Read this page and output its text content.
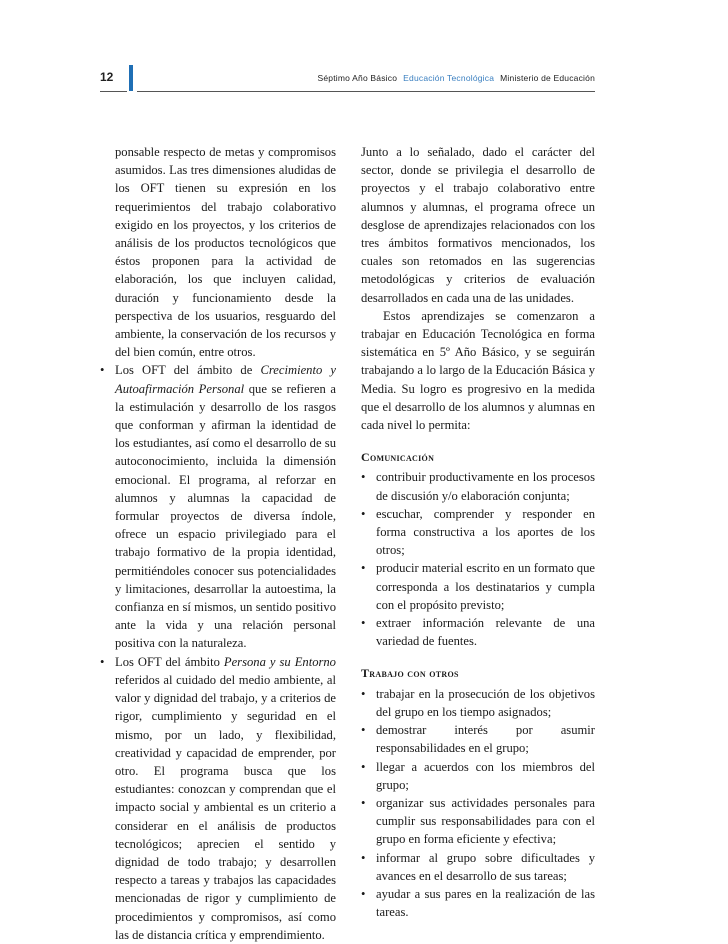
12	Séptimo Año Básico Educación Tecnológica Ministerio de Educación

ponsable respecto de metas y compromisos asumidos. Las tres dimensiones aludidas de los OFT tienen su expresión en los requerimientos del trabajo colaborativo exigido en los proyectos, y los criterios de análisis de los productos tecnológicos que éstos proponen para la actividad de elaboración, los que incluyen calidad, duración y funcionamiento desde la perspectiva de los usuarios, resguardo del ambiente, la conservación de los recursos y del bien común, entre otros.

• Los OFT del ámbito de Crecimiento y Autoafirmación Personal que se refieren a la estimulación y desarrollo de los rasgos que conforman y afirman la identidad de los estudiantes, así como el desarrollo de su autoconocimiento, incluida la dimensión emocional. El programa, al reforzar en alumnos y alumnas la capacidad de formular proyectos de diversa índole, ofrece un espacio privilegiado para el trabajo formativo de la propia identidad, permitiéndoles conocer sus potencialidades y limitaciones, desarrollar la autoestima, la confianza en sí mismos, un sentido positivo ante la vida y una relación personal positiva con la naturaleza.
• Los OFT del ámbito Persona y su Entorno referidos al cuidado del medio ambiente, al valor y dignidad del trabajo, y a criterios de rigor, cumplimiento y seguridad en el mismo, por un lado, y flexibilidad, creatividad y capacidad de emprender, por otro. El programa busca que los estudiantes: conozcan y comprendan que el impacto social y ambiental es un criterio a considerar en el análisis de productos tecnológicos; aprecien el sentido y dignidad de todo trabajo; y desarrollen respecto a tareas y trabajos las capacidades mencionadas de rigor y cumplimiento de procedimientos y compromisos, así como las de distancia crítica y emprendimiento.

Junto a lo señalado, dado el carácter del sector, donde se privilegia el desarrollo de proyectos y el trabajo colaborativo entre alumnos y alumnas, el programa ofrece un desglose de aprendizajes relacionados con los tres ámbitos formativos mencionados, los cuales son retomados en las sugerencias metodológicas y criterios de evaluación desarrollados en cada una de las unidades.

Estos aprendizajes se comenzaron a trabajar en Educación Tecnológica en forma sistemática en 5º Año Básico, y se seguirán trabajando a lo largo de la Educación Básica y Media. Su logro es progresivo en la medida que el desarrollo de los alumnos y alumnas en cada nivel lo permita:

Comunicación
• contribuir productivamente en los procesos de discusión y/o elaboración conjunta;
• escuchar, comprender y responder en forma constructiva a los aportes de los otros;
• producir material escrito en un formato que corresponda a los destinatarios y cumpla con el propósito previsto;
• extraer información relevante de una variedad de fuentes.
Trabajo con otros
• trabajar en la prosecución de los objetivos del grupo en los tiempo asignados;
• demostrar interés por asumir responsabilidades en el grupo;
• llegar a acuerdos con los miembros del grupo;
• organizar sus actividades personales para cumplir sus responsabilidades para con el grupo en forma eficiente y efectiva;
• informar al grupo sobre dificultades y avances en el desarrollo de sus tareas;
• ayudar a sus pares en la realización de las tareas.
